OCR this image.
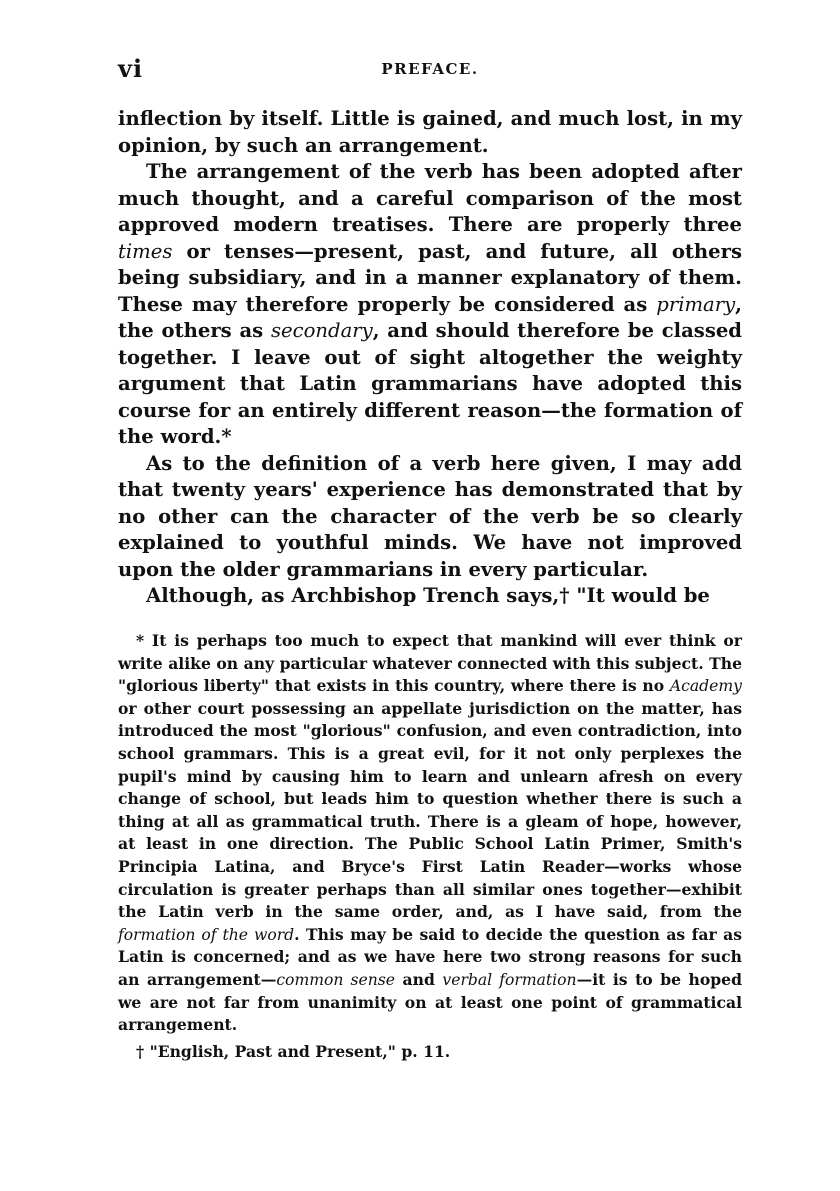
vi	PREFACE.

inflection by itself. Little is gained, and much lost, in my opinion, by such an arrangement.

The arrangement of the verb has been adopted after much thought, and a careful comparison of the most approved modern treatises. There are properly three times or tenses—present, past, and future, all others being subsidiary, and in a manner explanatory of them. These may therefore properly be considered as primary, the others as secondary, and should therefore be classed together. I leave out of sight altogether the weighty argument that Latin grammarians have adopted this course for an entirely different reason—the formation of the word.*

As to the definition of a verb here given, I may add that twenty years' experience has demonstrated that by no other can the character of the verb be so clearly explained to youthful minds. We have not improved upon the older grammarians in every particular.

Although, as Archbishop Trench says,† "It would be

* It is perhaps too much to expect that mankind will ever think or write alike on any particular whatever connected with this subject. The "glorious liberty" that exists in this country, where there is no Academy or other court possessing an appellate jurisdiction on the matter, has introduced the most "glorious" confusion, and even contradiction, into school grammars. This is a great evil, for it not only perplexes the pupil's mind by causing him to learn and unlearn afresh on every change of school, but leads him to question whether there is such a thing at all as grammatical truth. There is a gleam of hope, however, at least in one direction. The Public School Latin Primer, Smith's Principia Latina, and Bryce's First Latin Reader—works whose circulation is greater perhaps than all similar ones together—exhibit the Latin verb in the same order, and, as I have said, from the formation of the word. This may be said to decide the question as far as Latin is concerned; and as we have here two strong reasons for such an arrangement—common sense and verbal formation—it is to be hoped we are not far from unanimity on at least one point of grammatical arrangement.

† "English, Past and Present," p. 11.
